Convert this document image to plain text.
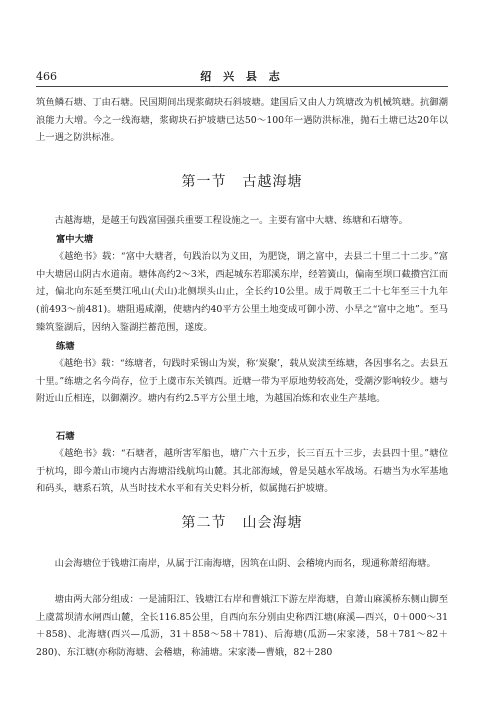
466	绍 兴 县 志

筑鱼鳞石塘、丁由石塘。民国期间出现浆砌块石斜坡塘。建国后又由人力筑塘改为机械筑塘。抗御潮浪能力大增。今之一线海塘，浆砌块石护坡塘已达50～100年一遇防洪标准，抛石土塘已达20年以上一遇之防洪标准。

第一节 古越海塘

古越海塘，是越王句践富国强兵重要工程设施之一。主要有富中大塘、练塘和石塘等。

富中大塘

《越绝书》载：“富中大塘者，句践治以为义田，为肥饶，谓之富中，去县二十里二十二步。”富中大塘居山阴古水道南。塘体高约2～3米，西起城东若耶溪东岸，经箬簧山，偏南至坝口截攒宫江而过，偏北向东延至樊江吼山(犬山)北侧坝头山止，全长约10公里。成于周敬王二十七年至三十九年(前493～前481)。塘阻遏咸潮，使塘内约40平方公里土地变成可御小涝、小旱之“富中之地”。至马臻筑鉴湖后，因纳入鉴湖拦蓄范围，遂废。

练塘

《越绝书》载：“练塘者，句践时采锡山为炭，称‘炭聚’，载从炭渎至练塘，各因事名之。去县五十里。”练塘之名今尚存，位于上虞市东关镇西。近塘一带为平原地势较高处，受潮汐影响较少。塘与附近山丘相连，以御潮汐。塘内有约2.5平方公里土地，为越国冶炼和农业生产基地。

石塘

《越绝书》载：“石塘者，越所害军船也，塘广六十五步，长三百五十三步，去县四十里。”塘位于杭坞，即今萧山市境内古海塘沿线航坞山麓。其北部海域，曾是吴越水军战场。石塘当为水军基地和码头，塘系石筑，从当时技术水平和有关史料分析，似属抛石护坡塘。

第二节 山会海塘

山会海塘位于钱塘江南岸，从属于江南海塘，因筑在山阴、会稽境内而名，现通称萧绍海塘。

塘由两大部分组成：一是浦阳江、钱塘江右岸和曹娥江下游左岸海塘，自萧山麻溪桥东侧山脚至上虞蒿坝清水闸西山麓，全长116.85公里，自西向东分别由史称西江塘(麻溪—西兴，0＋000～31＋858)、北海塘(西兴—瓜沥，31＋858～58＋781)、后海塘(瓜沥—宋家溇，58＋781～82＋280)、东江塘(亦称防海塘、会稽塘，称浦塘。宋家溇—曹娥，82＋280
